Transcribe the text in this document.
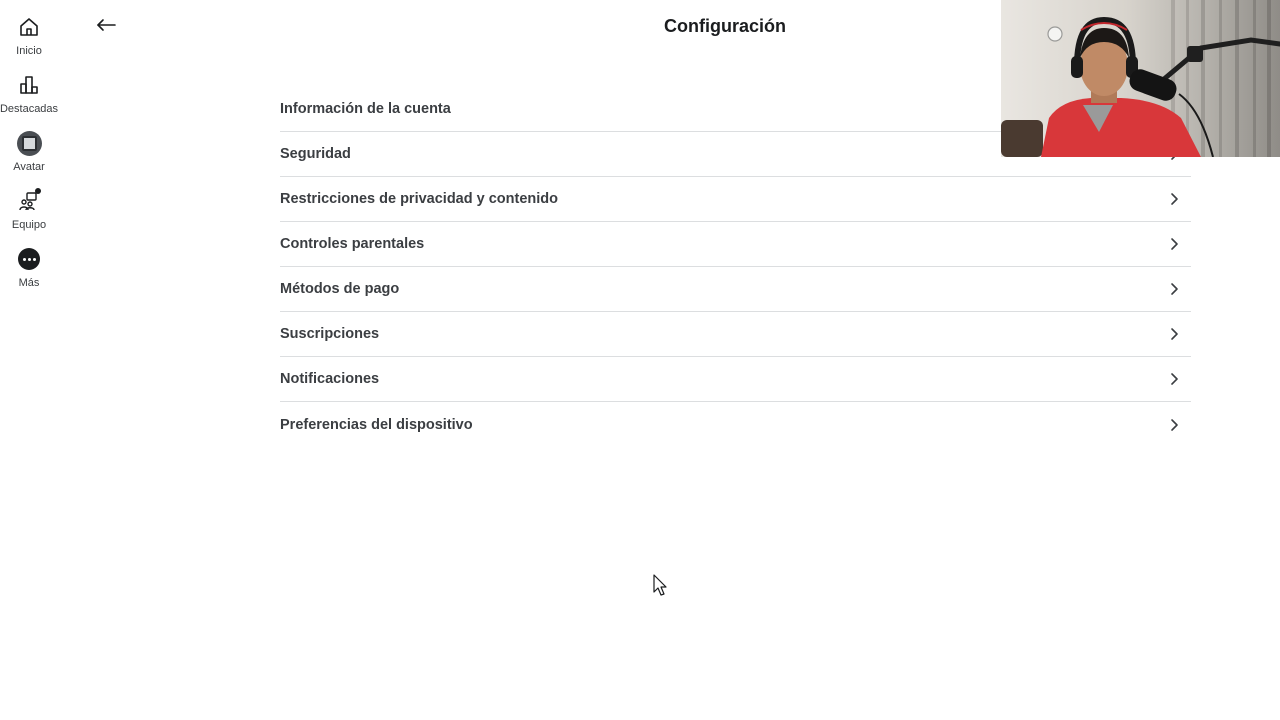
Inicio
Destacadas
Avatar
Equipo
Más
Configuración
Información de la cuenta
Seguridad
Restricciones de privacidad y contenido
Controles parentales
Métodos de pago
Suscripciones
Notificaciones
Preferencias del dispositivo
